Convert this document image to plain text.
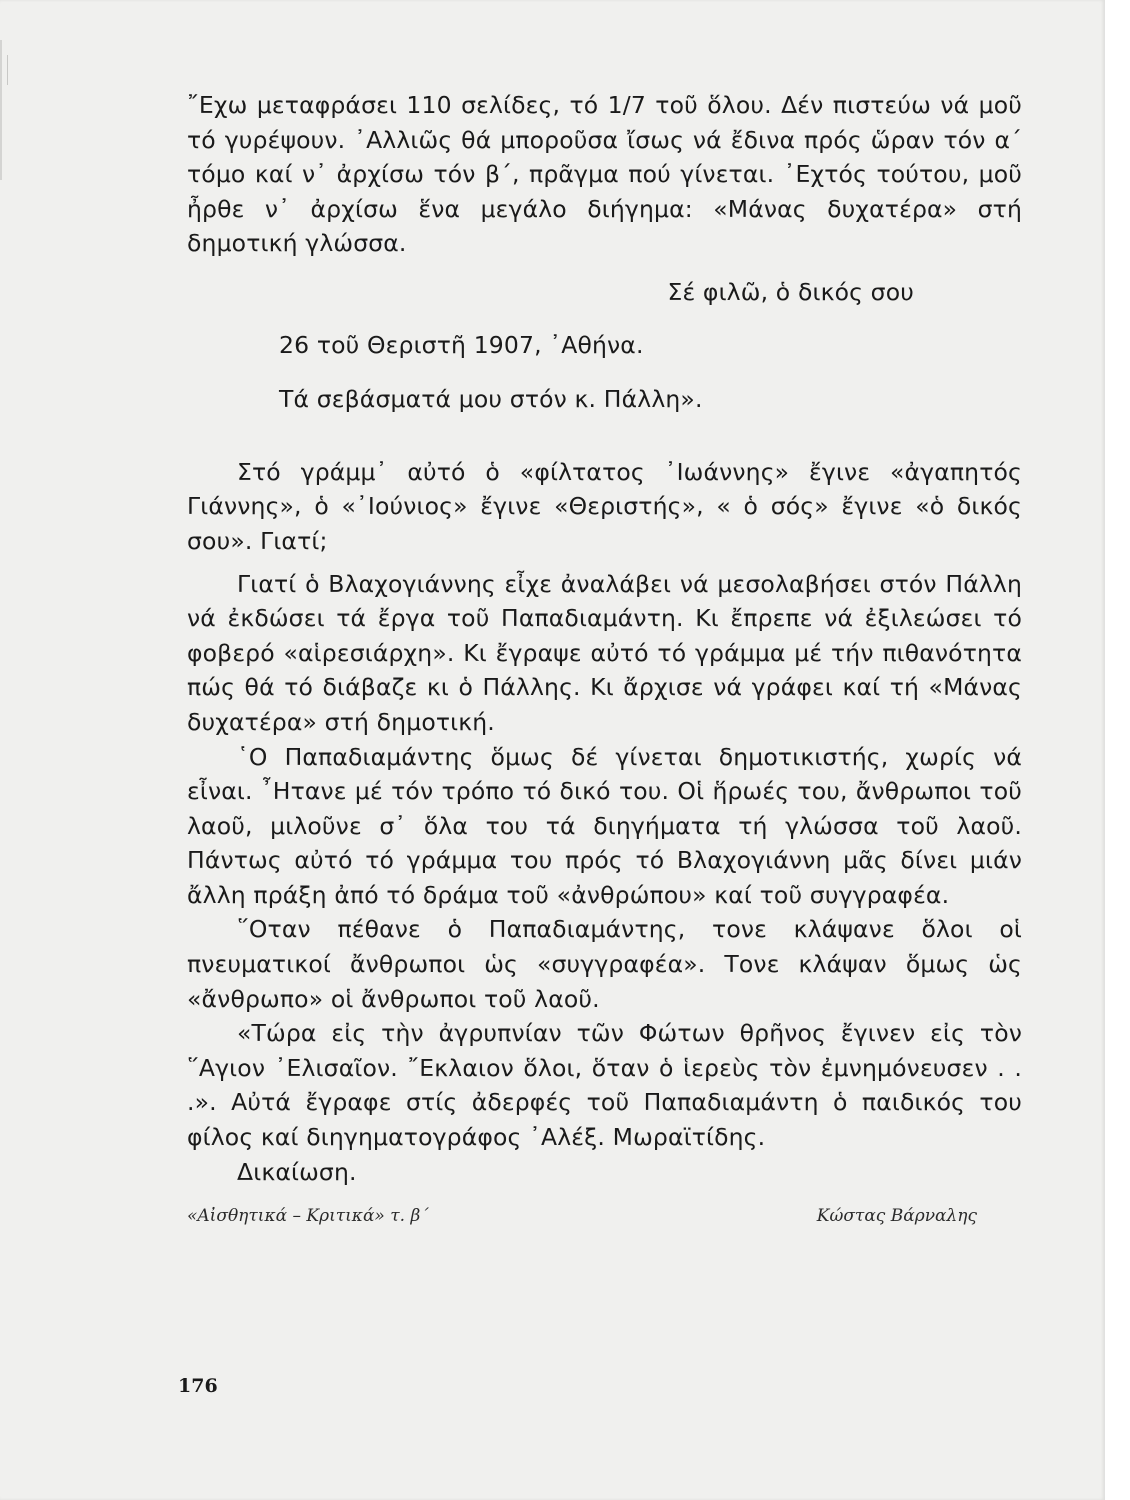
῎Εχω μεταφράσει 110 σελίδες, τό 1/7 τοῦ ὅλου. Δέν πιστεύω νά μοῦ τό γυρέψουν. ᾿Αλλιῶς θά μποροῦσα ἴσως νά ἔδινα πρός ὥραν τόν α΄ τόμο καί ν᾿ ἀρχίσω τόν β΄, πρᾶγμα πού γίνεται. ᾿Εχτός τούτου, μοῦ ἦρθε ν᾿ ἀρχίσω ἕνα μεγάλο διήγημα: «Μάνας δυχατέρα» στή δημοτική γλώσσα.

Σέ φιλῶ, ὁ δικός σου

26 τοῦ Θεριστῆ 1907, ᾿Αθήνα.

Τά σεβάσματά μου στόν κ. Πάλλη».

Στό γράμμ᾿ αὐτό ὁ «φίλτατος ᾿Ιωάννης» ἔγινε «ἀγαπητός Γιάννης», ὁ «᾿Ιούνιος» ἔγινε «Θεριστής», « ὁ σός» ἔγινε «ὁ δικός σου». Γιατί;

Γιατί ὁ Βλαχογιάννης εἶχε ἀναλάβει νά μεσολαβήσει στόν Πάλλη νά ἐκδώσει τά ἔργα τοῦ Παπαδιαμάντη. Κι ἔπρεπε νά ἐξιλεώσει τό φοβερό «αἱρεσιάρχη». Κι ἔγραψε αὐτό τό γράμμα μέ τήν πιθανότητα πώς θά τό διάβαζε κι ὁ Πάλλης. Κι ἄρχισε νά γράφει καί τή «Μάνας δυχατέρα» στή δημοτική.

῾Ο Παπαδιαμάντης ὅμως δέ γίνεται δημοτικιστής, χωρίς νά εἶναι. ῏Ητανε μέ τόν τρόπο τό δικό του. Οἱ ἥρωές του, ἄνθρωποι τοῦ λαοῦ, μιλοῦνε σ᾿ ὅλα του τά διηγήματα τή γλώσσα τοῦ λαοῦ. Πάντως αὐτό τό γράμμα του πρός τό Βλαχογιάννη μᾶς δίνει μιάν ἄλλη πράξη ἀπό τό δράμα τοῦ «ἀνθρώπου» καί τοῦ συγγραφέα.

῞Οταν πέθανε ὁ Παπαδιαμάντης, τονε κλάψανε ὅλοι οἱ πνευματικοί ἄνθρωποι ὡς «συγγραφέα». Τονε κλάψαν ὅμως ὡς «ἄνθρωπο» οἱ ἄνθρωποι τοῦ λαοῦ.

«Τώρα εἰς τὴν ἀγρυπνίαν τῶν Φώτων θρῆνος ἔγινεν εἰς τὸν ῞Αγιον ᾿Ελισαῖον. ῎Εκλαιον ὅλοι, ὅταν ὁ ἱερεὺς τὸν ἐμνημόνευσεν . . .». Αὐτά ἔγραφε στίς ἀδερφές τοῦ Παπαδιαμάντη ὁ παιδικός του φίλος καί διηγηματογράφος ᾿Αλέξ. Μωραϊτίδης.

Δικαίωση.

«Αἰσθητικά – Κριτικά» τ. β΄	Κώστας Βάρναλης
176
